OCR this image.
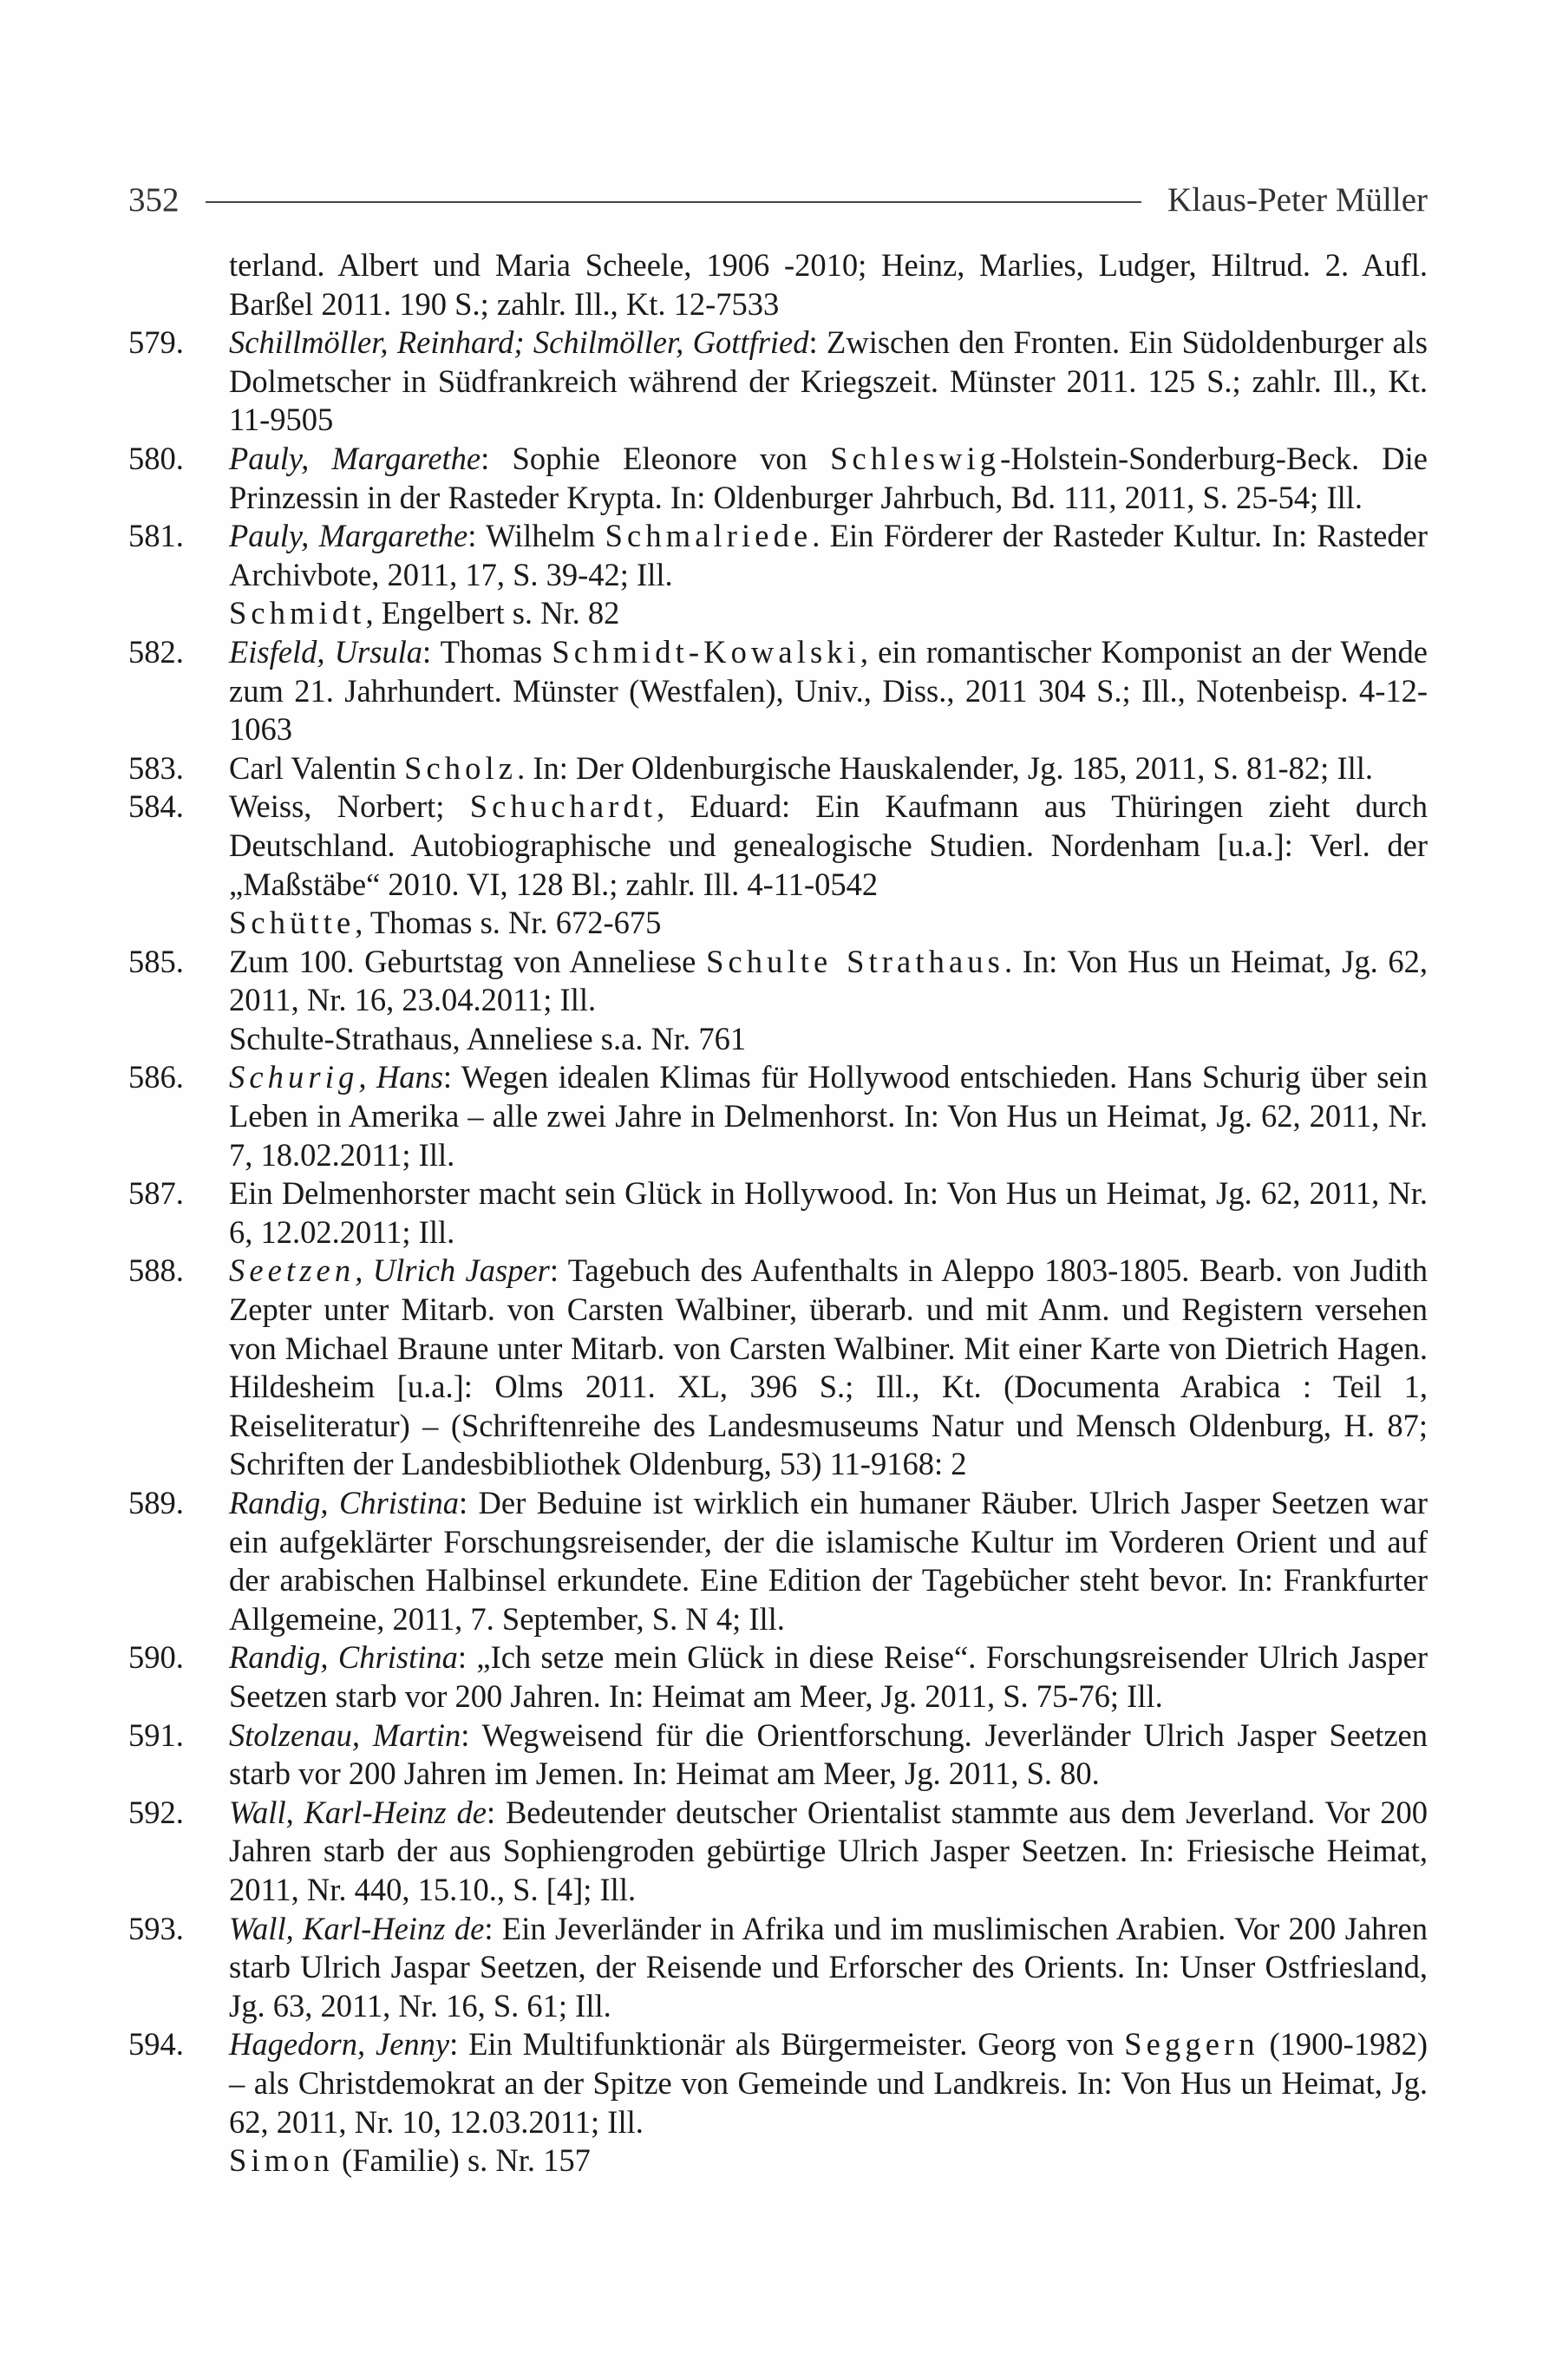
352	Klaus-Peter Müller
terland. Albert und Maria Scheele, 1906 -2010; Heinz, Marlies, Ludger, Hiltrud. 2. Aufl. Barßel 2011. 190 S.; zahlr. Ill., Kt. 12-7533
579. Schillmöller, Reinhard; Schilmöller, Gottfried: Zwischen den Fronten. Ein Südoldenburger als Dolmetscher in Südfrankreich während der Kriegszeit. Münster 2011. 125 S.; zahlr. Ill., Kt. 11-9505
580. Pauly, Margarethe: Sophie Eleonore von Schleswig-Holstein-Sonderburg-Beck. Die Prinzessin in der Rasteder Krypta. In: Oldenburger Jahrbuch, Bd. 111, 2011, S. 25-54; Ill.
581. Pauly, Margarethe: Wilhelm Schmalriede. Ein Förderer der Rasteder Kultur. In: Rasteder Archivbote, 2011, 17, S. 39-42; Ill.
Schmidt, Engelbert s. Nr. 82
582. Eisfeld, Ursula: Thomas Schmidt-Kowalski, ein romantischer Komponist an der Wende zum 21. Jahrhundert. Münster (Westfalen), Univ., Diss., 2011 304 S.; Ill., Notenbeisp. 4-12-1063
583. Carl Valentin Scholz. In: Der Oldenburgische Hauskalender, Jg. 185, 2011, S. 81-82; Ill.
584. Weiss, Norbert; Schuchardt, Eduard: Ein Kaufmann aus Thüringen zieht durch Deutschland. Autobiographische und genealogische Studien. Nordenham [u.a.]: Verl. der „Maßstäbe“ 2010. VI, 128 Bl.; zahlr. Ill. 4-11-0542
Schütte, Thomas s. Nr. 672-675
585. Zum 100. Geburtstag von Anneliese Schulte Strathaus. In: Von Hus un Heimat, Jg. 62, 2011, Nr. 16, 23.04.2011; Ill.
Schulte-Strathaus, Anneliese s.a. Nr. 761
586. Schurig, Hans: Wegen idealen Klimas für Hollywood entschieden. Hans Schurig über sein Leben in Amerika – alle zwei Jahre in Delmenhorst. In: Von Hus un Heimat, Jg. 62, 2011, Nr. 7, 18.02.2011; Ill.
587. Ein Delmenhorster macht sein Glück in Hollywood. In: Von Hus un Heimat, Jg. 62, 2011, Nr. 6, 12.02.2011; Ill.
588. Seetzen, Ulrich Jasper: Tagebuch des Aufenthalts in Aleppo 1803-1805. Bearb. von Judith Zepter unter Mitarb. von Carsten Walbiner, überarb. und mit Anm. und Registern versehen von Michael Braune unter Mitarb. von Carsten Walbiner. Mit einer Karte von Dietrich Hagen. Hildesheim [u.a.]: Olms 2011. XL, 396 S.; Ill., Kt. (Documenta Arabica : Teil 1, Reiseliteratur) – (Schriftenreihe des Landesmuseums Natur und Mensch Oldenburg, H. 87; Schriften der Landesbibliothek Oldenburg, 53) 11-9168: 2
589. Randig, Christina: Der Beduine ist wirklich ein humaner Räuber. Ulrich Jasper Seetzen war ein aufgeklärter Forschungsreisender, der die islamische Kultur im Vorderen Orient und auf der arabischen Halbinsel erkundete. Eine Edition der Tagebücher steht bevor. In: Frankfurter Allgemeine, 2011, 7. September, S. N 4; Ill.
590. Randig, Christina: „Ich setze mein Glück in diese Reise“. Forschungsreisender Ulrich Jasper Seetzen starb vor 200 Jahren. In: Heimat am Meer, Jg. 2011, S. 75-76; Ill.
591. Stolzenau, Martin: Wegweisend für die Orientforschung. Jeverländer Ulrich Jasper Seetzen starb vor 200 Jahren im Jemen. In: Heimat am Meer, Jg. 2011, S. 80.
592. Wall, Karl-Heinz de: Bedeutender deutscher Orientalist stammte aus dem Jeverland. Vor 200 Jahren starb der aus Sophiengroden gebürtige Ulrich Jasper Seetzen. In: Friesische Heimat, 2011, Nr. 440, 15.10., S. [4]; Ill.
593. Wall, Karl-Heinz de: Ein Jeverländer in Afrika und im muslimischen Arabien. Vor 200 Jahren starb Ulrich Jaspar Seetzen, der Reisende und Erforscher des Orients. In: Unser Ostfriesland, Jg. 63, 2011, Nr. 16, S. 61; Ill.
594. Hagedorn, Jenny: Ein Multifunktionär als Bürgermeister. Georg von Seggern (1900-1982) – als Christdemokrat an der Spitze von Gemeinde und Landkreis. In: Von Hus un Heimat, Jg. 62, 2011, Nr. 10, 12.03.2011; Ill.
Simon (Familie) s. Nr. 157
